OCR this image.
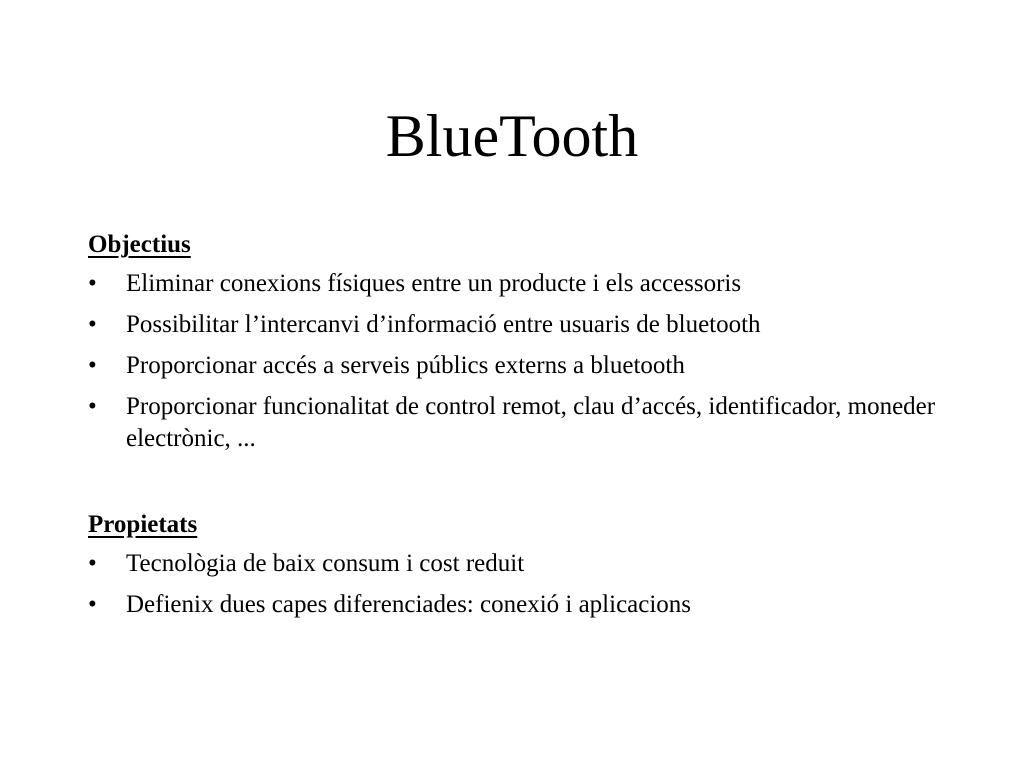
BlueTooth
Objectius
•	Eliminar conexions físiques entre un producte i els accessoris
•	Possibilitar l’intercanvi d’informació entre usuaris de bluetooth
•	Proporcionar accés a serveis públics externs a bluetooth
•	Proporcionar funcionalitat de control remot, clau d’accés, identificador, moneder electrònic, ...
Propietats
•	Tecnològia de baix consum i cost reduit
•	Defienix dues capes diferenciades: conexió i aplicacions
